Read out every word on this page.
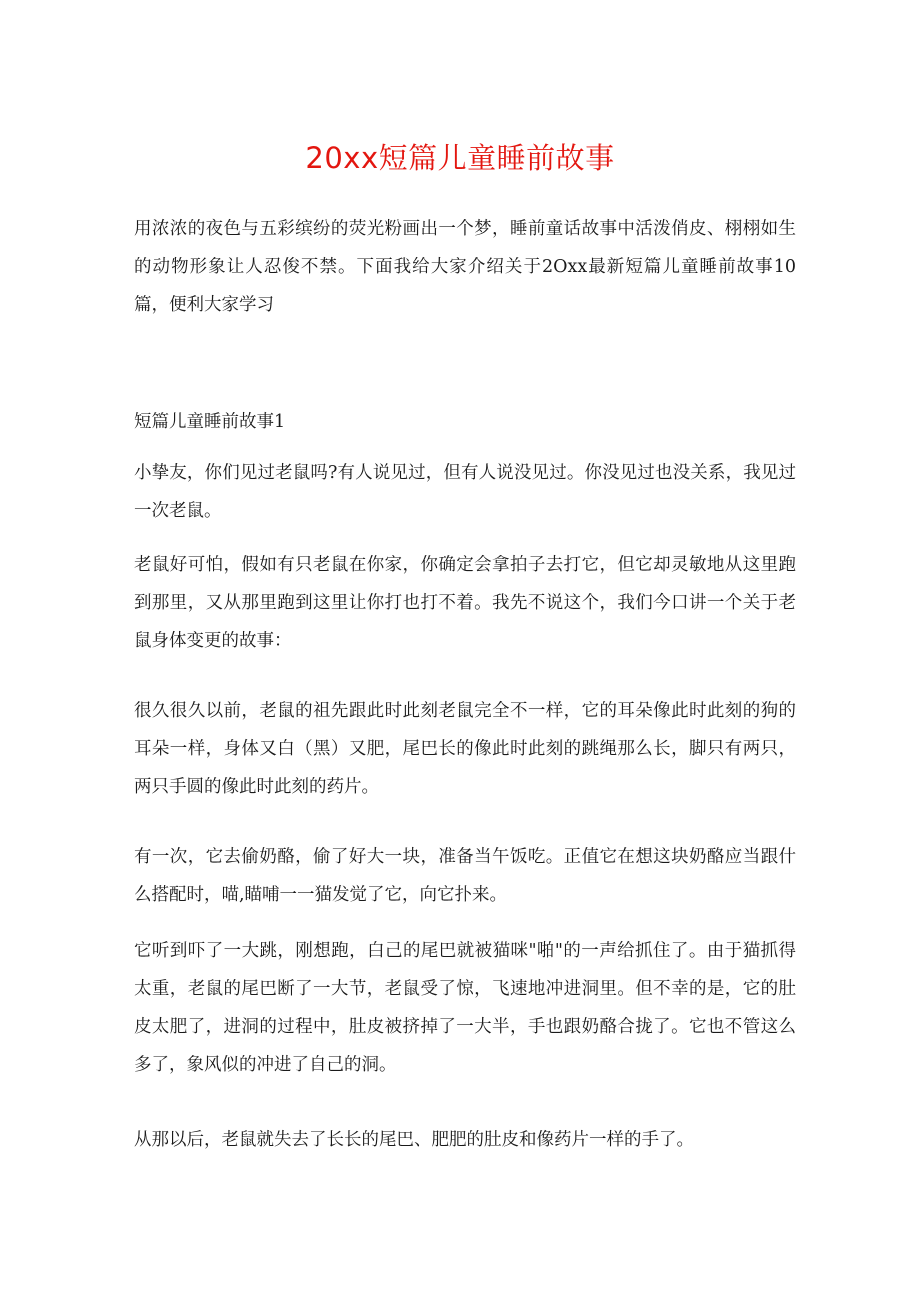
20xx短篇儿童睡前故事

用浓浓的夜色与五彩缤纷的荧光粉画出一个梦，睡前童话故事中活泼俏皮、栩栩如生的动物形象让人忍俊不禁。下面我给大家介绍关于2Oxx最新短篇儿童睡前故事10篇，便利大家学习

短篇儿童睡前故事1

小挚友，你们见过老鼠吗?有人说见过，但有人说没见过。你没见过也没关系，我见过一次老鼠。

老鼠好可怕，假如有只老鼠在你家，你确定会拿拍子去打它，但它却灵敏地从这里跑到那里，又从那里跑到这里让你打也打不着。我先不说这个，我们今口讲一个关于老鼠身体变更的故事：

很久很久以前，老鼠的祖先跟此时此刻老鼠完全不一样，它的耳朵像此时此刻的狗的耳朵一样，身体又白（黑）又肥，尾巴长的像此时此刻的跳绳那么长，脚只有两只，两只手圆的像此时此刻的药片。

有一次，它去偷奶酪，偷了好大一块，准备当午饭吃。正值它在想这块奶酪应当跟什么搭配时，喵,瞄哺一一猫发觉了它，向它扑来。

它听到吓了一大跳，刚想跑，白己的尾巴就被猫咪"啪"的一声给抓住了。由于猫抓得太重，老鼠的尾巴断了一大节，老鼠受了惊，飞速地冲进洞里。但不幸的是，它的肚皮太肥了，进洞的过程中，肚皮被挤掉了一大半，手也跟奶酪合拢了。它也不管这么多了，象风似的冲进了自己的洞。

从那以后，老鼠就失去了长长的尾巴、肥肥的肚皮和像药片一样的手了。
